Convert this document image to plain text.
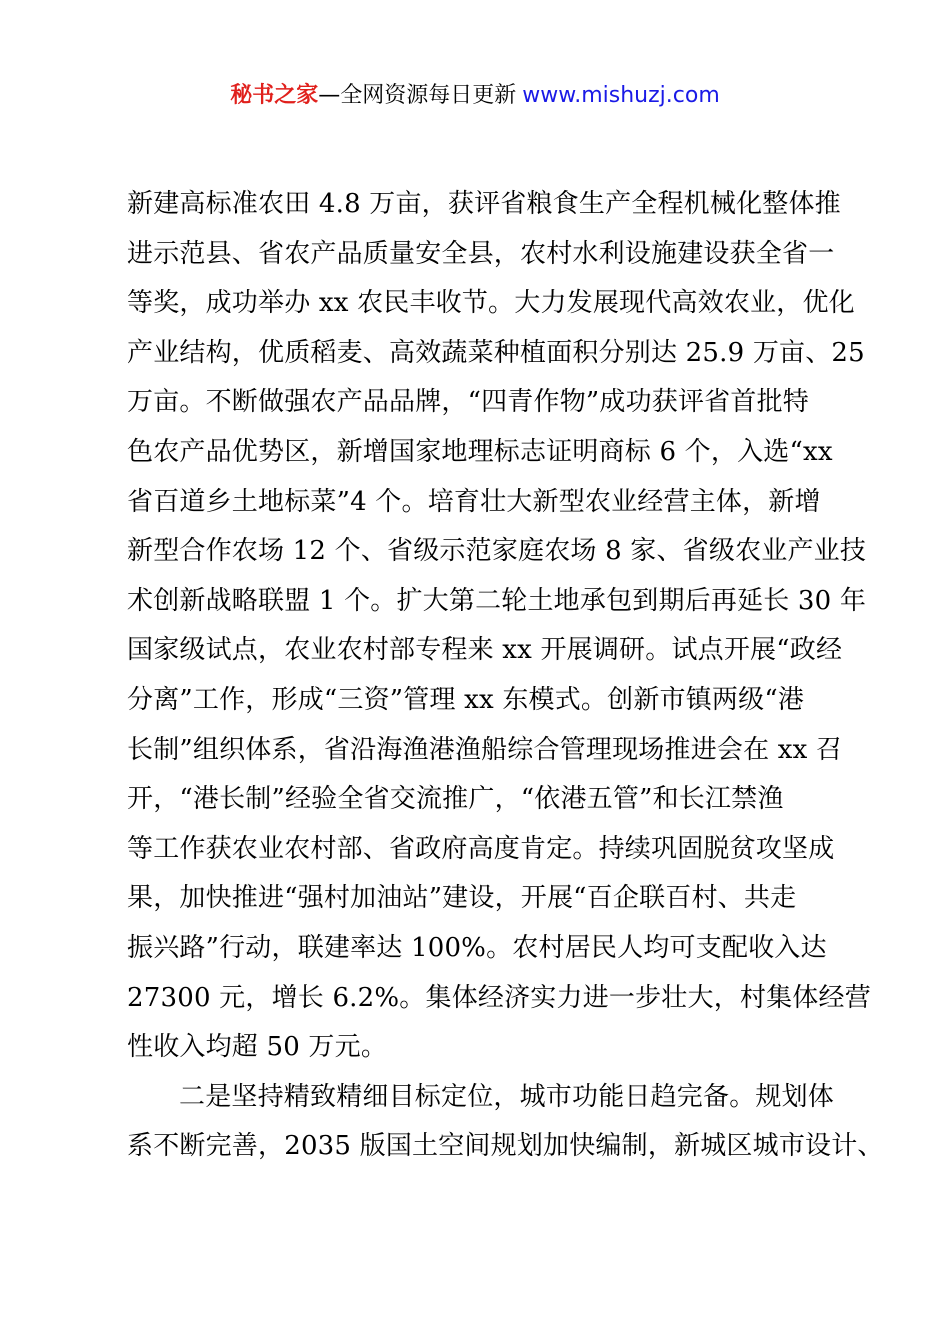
秘书之家—全网资源每日更新 www.mishuzj.com
新建高标准农田 4.8 万亩，获评省粮食生产全程机械化整体推
进示范县、省农产品质量安全县，农村水利设施建设获全省一
等奖，成功举办 xx 农民丰收节。大力发展现代高效农业，优化
产业结构，优质稻麦、高效蔬菜种植面积分别达 25.9 万亩、25
万亩。不断做强农产品品牌，“四青作物”成功获评省首批特
色农产品优势区，新增国家地理标志证明商标 6 个，入选“xx
省百道乡土地标菜”4 个。培育壮大新型农业经营主体，新增
新型合作农场 12 个、省级示范家庭农场 8 家、省级农业产业技
术创新战略联盟 1 个。扩大第二轮土地承包到期后再延长 30 年
国家级试点，农业农村部专程来 xx 开展调研。试点开展“政经
分离”工作，形成“三资”管理 xx 东模式。创新市镇两级“港
长制”组织体系，省沿海渔港渔船综合管理现场推进会在 xx 召
开，“港长制”经验全省交流推广，“依港五管”和长江禁渔
等工作获农业农村部、省政府高度肯定。持续巩固脱贫攻坚成
果，加快推进“强村加油站”建设，开展“百企联百村、共走
振兴路”行动，联建率达 100%。农村居民人均可支配收入达
27300 元，增长 6.2%。集体经济实力进一步壮大，村集体经营
性收入均超 50 万元。
二是坚持精致精细目标定位，城市功能日趋完备。规划体
系不断完善，2035 版国土空间规划加快编制，新城区城市设计、
